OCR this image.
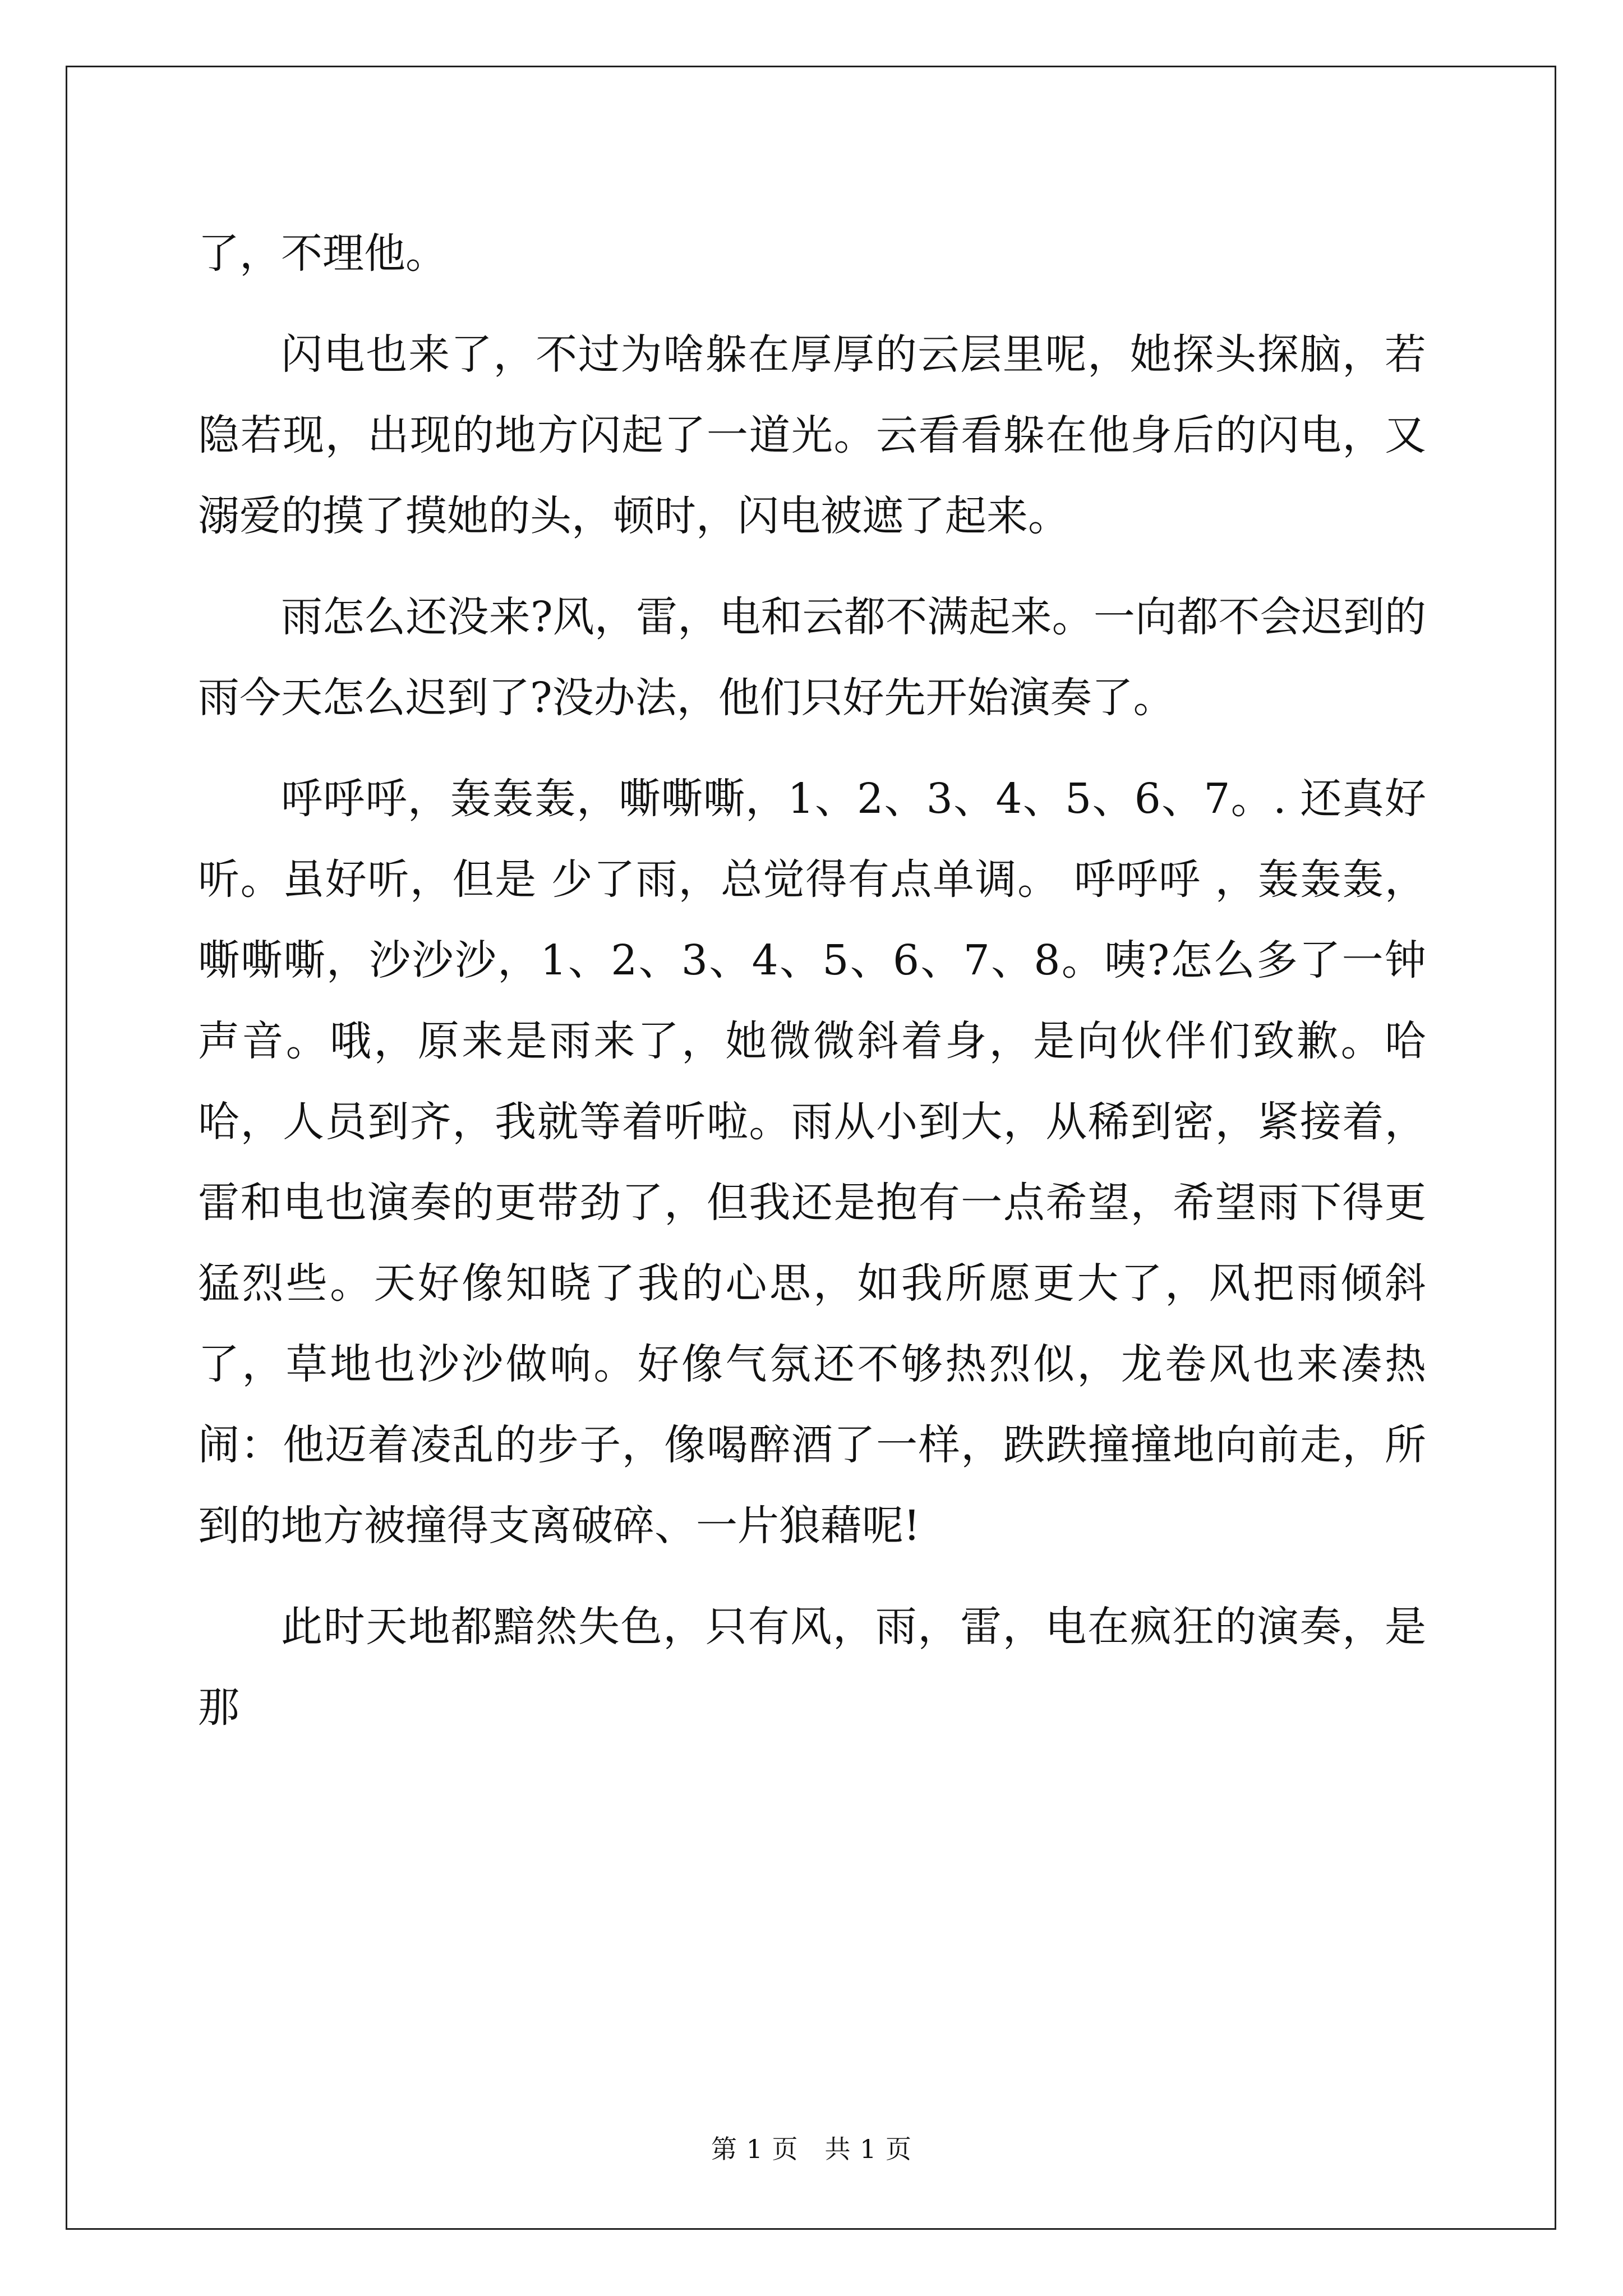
了，不理他。

闪电也来了，不过为啥躲在厚厚的云层里呢，她探头探脑，若隐若现，出现的地方闪起了一道光。云看看躲在他身后的闪电，又溺爱的摸了摸她的头，顿时，闪电被遮了起来。

雨怎么还没来?风，雷，电和云都不满起来。一向都不会迟到的雨今天怎么迟到了?没办法，他们只好先开始演奏了。

呼呼呼，轰轰轰，嘶嘶嘶，1、2、3、4、5、6、7。. 还真好听。虽好听，但是 少了雨，总觉得有点单调。 呼呼呼 ，轰轰轰，嘶嘶嘶，沙沙沙，1、2、3、4、5、6、7、8。咦?怎么多了一钟声音。哦，原来是雨来了，她微微斜着身，是向伙伴们致歉。哈哈，人员到齐，我就等着听啦。雨从小到大，从稀到密，紧接着，雷和电也演奏的更带劲了，但我还是抱有一点希望，希望雨下得更猛烈些。天好像知晓了我的心思，如我所愿更大了，风把雨倾斜了，草地也沙沙做响。好像气氛还不够热烈似，龙卷风也来凑热闹：他迈着凌乱的步子，像喝醉酒了一样，跌跌撞撞地向前走，所到的地方被撞得支离破碎、一片狼藉呢!

此时天地都黯然失色，只有风，雨，雷，电在疯狂的演奏，是那

第 1 页　共 1 页
